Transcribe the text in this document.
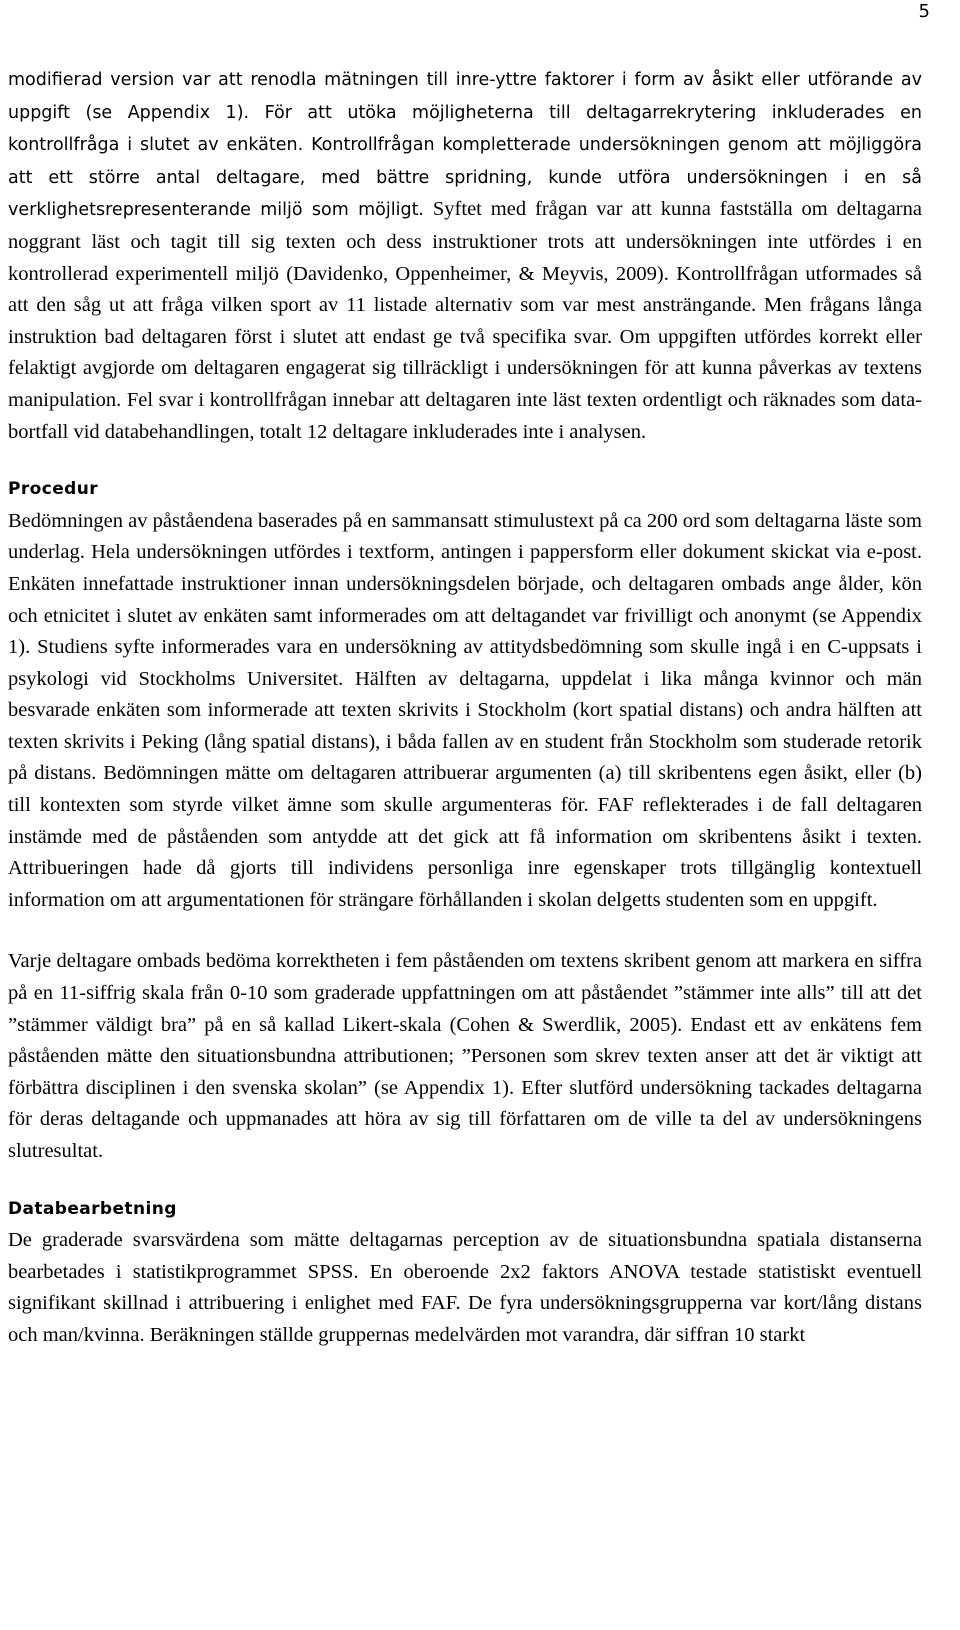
5

modifierad version var att renodla mätningen till inre-yttre faktorer i form av åsikt eller utförande av uppgift (se Appendix 1). För att utöka möjligheterna till deltagarrekrytering inkluderades en kontrollfråga i slutet av enkäten. Kontrollfrågan kompletterade undersökningen genom att möjliggöra att ett större antal deltagare, med bättre spridning, kunde utföra undersökningen i en så verklighetsrepresenterande miljö som möjligt. Syftet med frågan var att kunna fastställa om deltagarna noggrant läst och tagit till sig texten och dess instruktioner trots att undersökningen inte utfördes i en kontrollerad experimentell miljö (Davidenko, Oppenheimer, & Meyvis, 2009). Kontrollfrågan utformades så att den såg ut att fråga vilken sport av 11 listade alternativ som var mest ansträngande. Men frågans långa instruktion bad deltagaren först i slutet att endast ge två specifika svar. Om uppgiften utfördes korrekt eller felaktigt avgjorde om deltagaren engagerat sig tillräckligt i undersökningen för att kunna påverkas av textens manipulation. Fel svar i kontrollfrågan innebar att deltagaren inte läst texten ordentligt och räknades som data-bortfall vid databehandlingen, totalt 12 deltagare inkluderades inte i analysen.

Procedur

Bedömningen av påståendena baserades på en sammansatt stimulustext på ca 200 ord som deltagarna läste som underlag. Hela undersökningen utfördes i textform, antingen i pappersform eller dokument skickat via e-post. Enkäten innefattade instruktioner innan undersökningsdelen började, och deltagaren ombads ange ålder, kön och etnicitet i slutet av enkäten samt informerades om att deltagandet var frivilligt och anonymt (se Appendix 1). Studiens syfte informerades vara en undersökning av attitydsbedömning som skulle ingå i en C-uppsats i psykologi vid Stockholms Universitet. Hälften av deltagarna, uppdelat i lika många kvinnor och män besvarade enkäten som informerade att texten skrivits i Stockholm (kort spatial distans) och andra hälften att texten skrivits i Peking (lång spatial distans), i båda fallen av en student från Stockholm som studerade retorik på distans. Bedömningen mätte om deltagaren attribuerar argumenten (a) till skribentens egen åsikt, eller (b) till kontexten som styrde vilket ämne som skulle argumenteras för. FAF reflekterades i de fall deltagaren instämde med de påståenden som antydde att det gick att få information om skribentens åsikt i texten. Attribueringen hade då gjorts till individens personliga inre egenskaper trots tillgänglig kontextuell information om att argumentationen för strängare förhållanden i skolan delgetts studenten som en uppgift.

Varje deltagare ombads bedöma korrektheten i fem påståenden om textens skribent genom att markera en siffra på en 11-siffrig skala från 0-10 som graderade uppfattningen om att påståendet ”stämmer inte alls” till att det ”stämmer väldigt bra” på en så kallad Likert-skala (Cohen & Swerdlik, 2005). Endast ett av enkätens fem påståenden mätte den situationsbundna attributionen; ”Personen som skrev texten anser att det är viktigt att förbättra disciplinen i den svenska skolan” (se Appendix 1). Efter slutförd undersökning tackades deltagarna för deras deltagande och uppmanades att höra av sig till författaren om de ville ta del av undersökningens slutresultat.

Databearbetning

De graderade svarsvärdena som mätte deltagarnas perception av de situationsbundna spatiala distanserna bearbetades i statistikprogrammet SPSS. En oberoende 2x2 faktors ANOVA testade statistiskt eventuell signifikant skillnad i attribuering i enlighet med FAF. De fyra undersökningsgrupperna var kort/lång distans och man/kvinna. Beräkningen ställde gruppernas medelvärden mot varandra, där siffran 10 starkt
